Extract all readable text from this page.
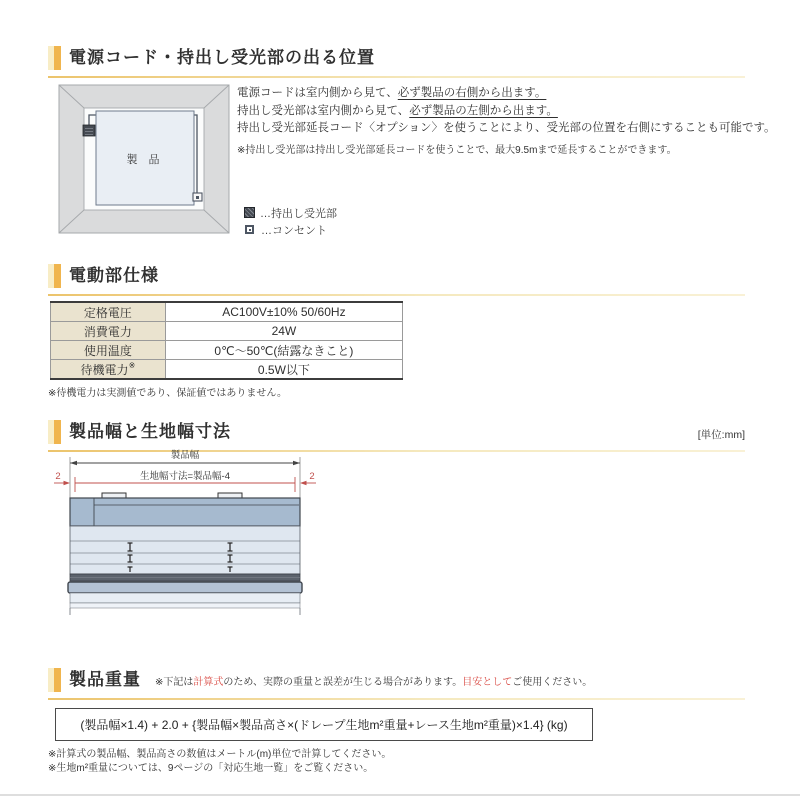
電源コード・持出し受光部の出る位置
製 品
電源コードは室内側から見て、必ず製品の右側から出ます。
持出し受光部は室内側から見て、必ず製品の左側から出ます。
持出し受光部延長コード〈オプション〉を使うことにより、受光部の位置を右側にすることも可能です。
※持出し受光部は持出し受光部延長コードを使うことで、最大9.5mまで延長することができます。
…持出し受光部
…コンセント
電動部仕様
定格電圧	AC100V±10% 50/60Hz
消費電力	24W
使用温度	0℃～50℃(結露なきこと)
待機電力※	0.5W以下
※待機電力は実測値であり、保証値ではありません。
製品幅と生地幅寸法	[単位:mm]
製品幅
生地幅寸法=製品幅-4
2	2
製品重量 ※下記は計算式のため、実際の重量と誤差が生じる場合があります。目安としてご使用ください。
(製品幅×1.4) + 2.0 + {製品幅×製品高さ×(ドレープ生地m²重量+レース生地m²重量)×1.4} (kg)
※計算式の製品幅、製品高さの数値はメートル(m)単位で計算してください。
※生地m²重量については、9ページの「対応生地一覧」をご覧ください。
